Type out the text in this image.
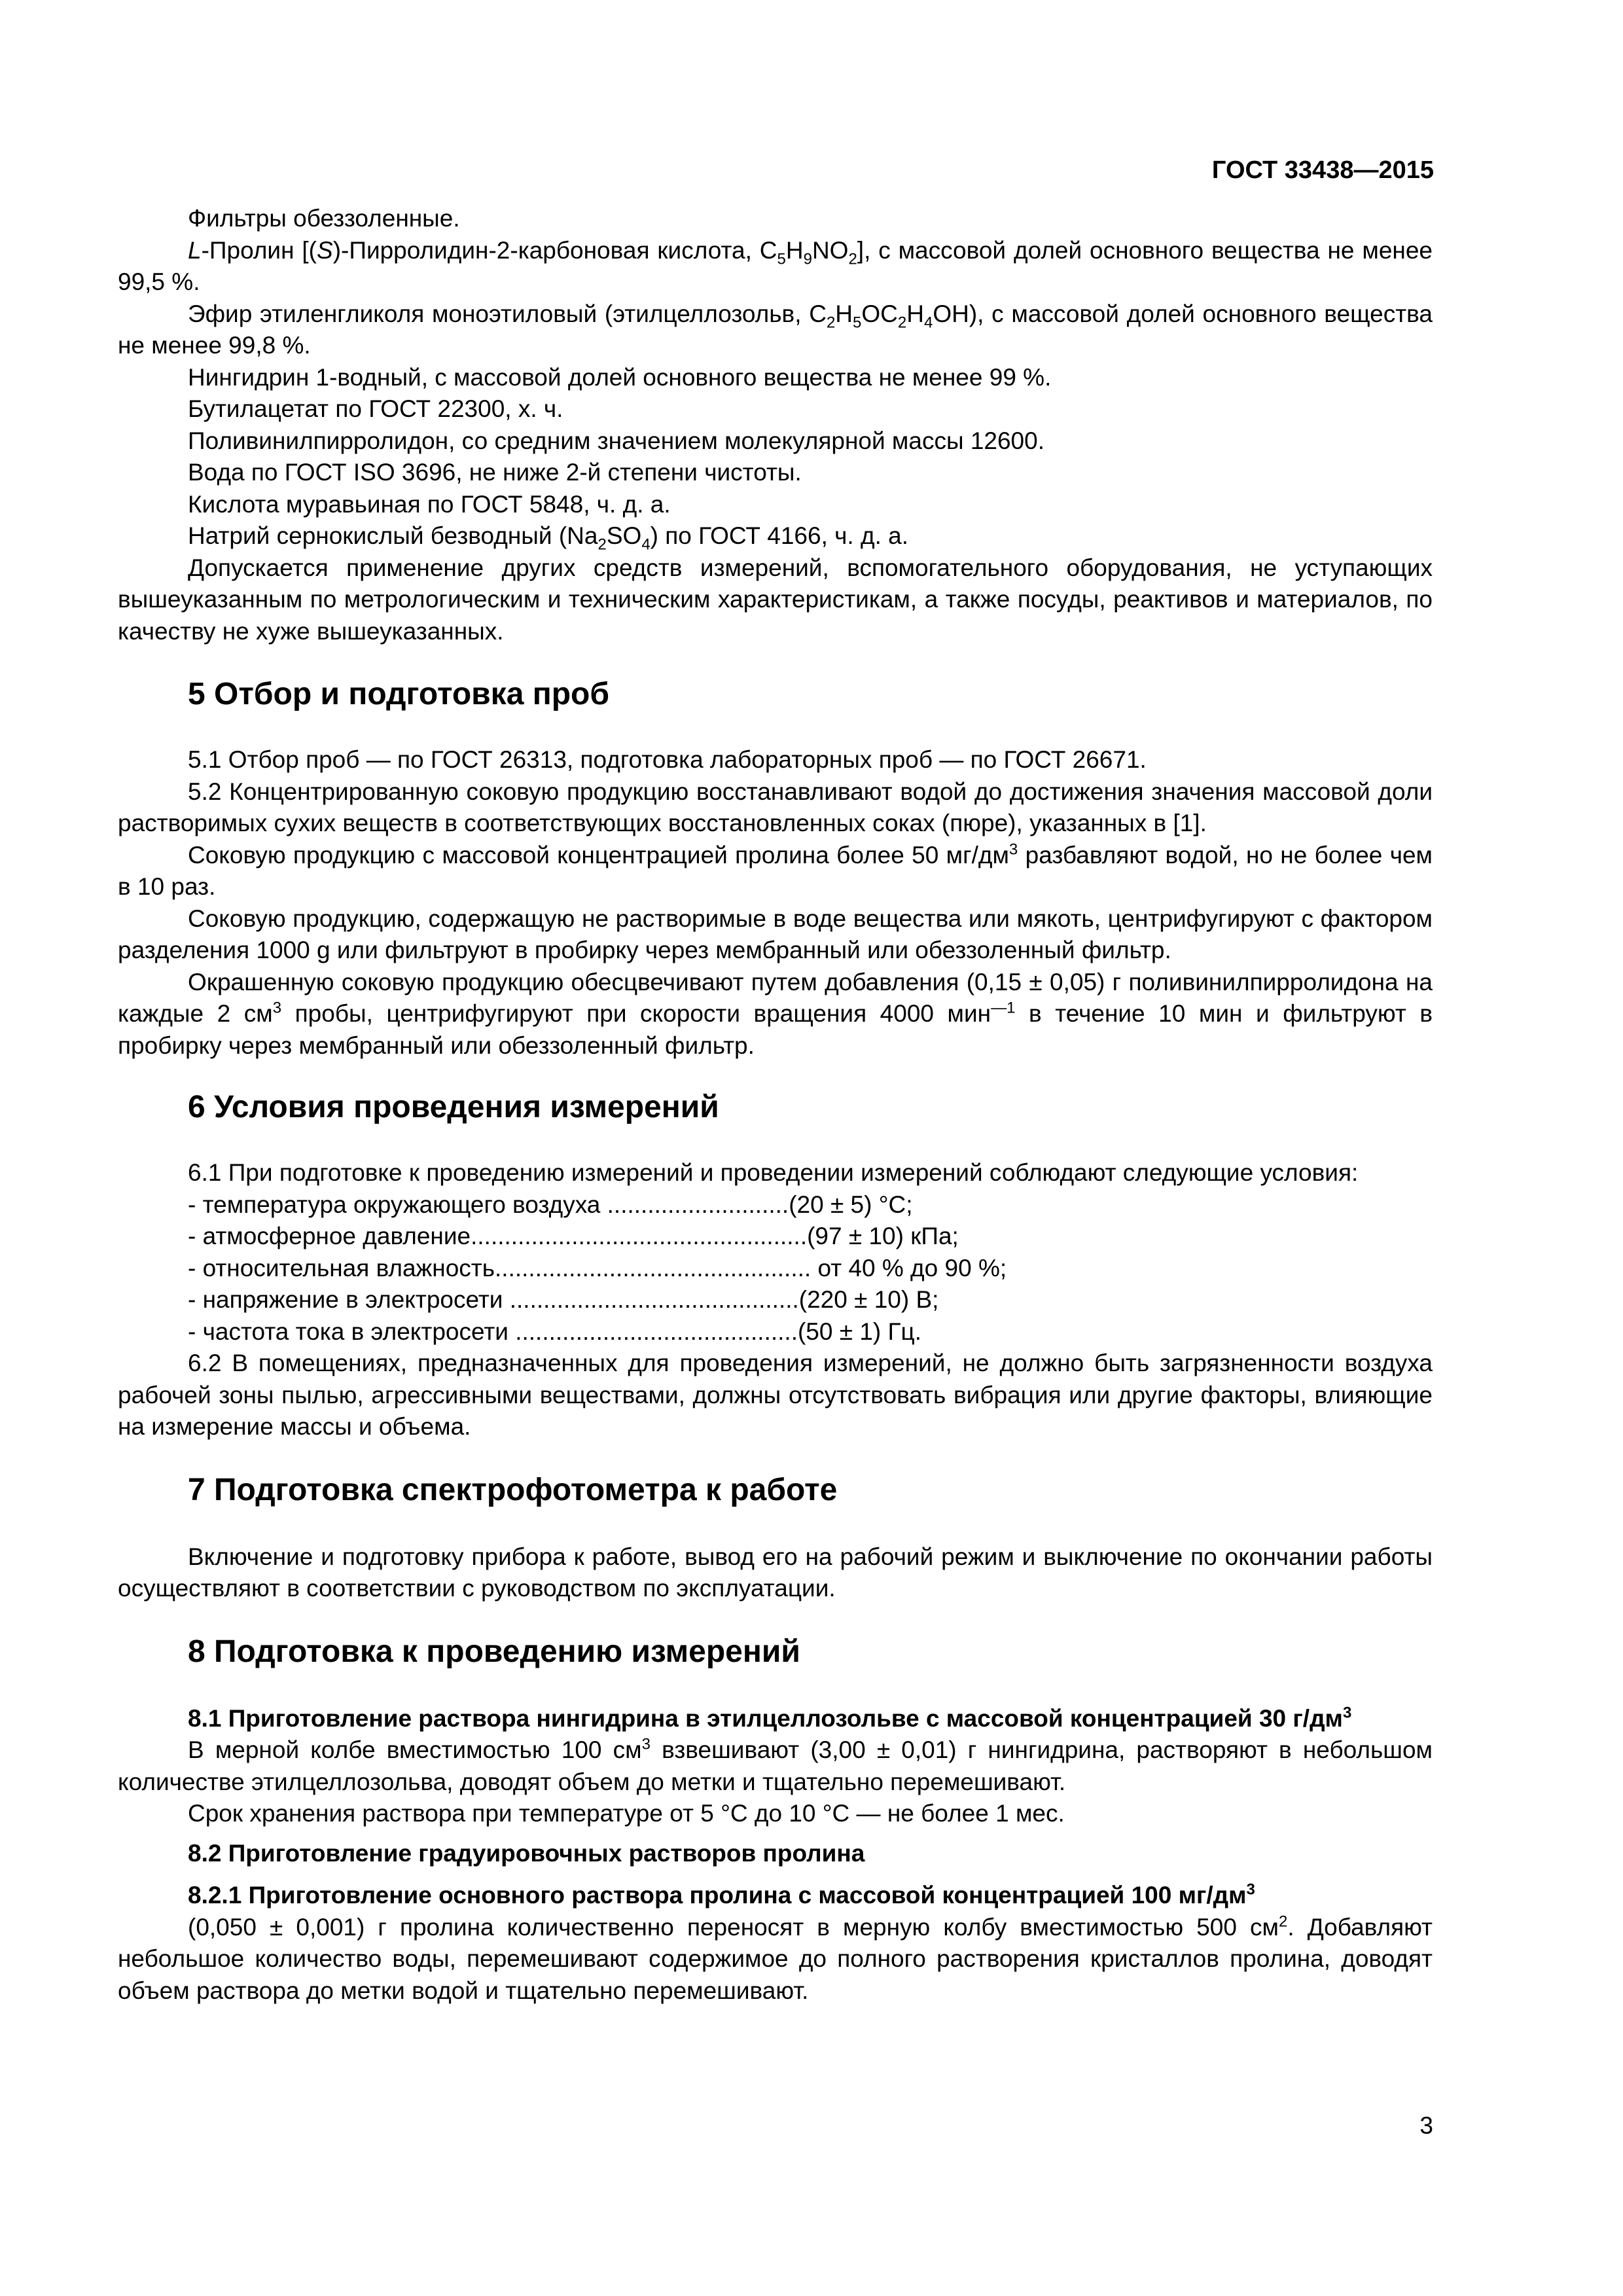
ГОСТ 33438—2015

Фильтры обеззоленные.

L-Пролин [(S)-Пирролидин-2-карбоновая кислота, $C_5H_9NO_2$], с массовой долей основного вещества не менее 99,5 %.

Эфир этиленгликоля моноэтиловый (этилцеллозольв, $C_2H_5OC_2H_4OH$), с массовой долей основного вещества не менее 99,8 %.

Нингидрин 1-водный, с массовой долей основного вещества не менее 99 %.

Бутилацетат по ГОСТ 22300, х. ч.

Поливинилпирролидон, со средним значением молекулярной массы 12600.

Вода по ГОСТ ISO 3696, не ниже 2-й степени чистоты.

Кислота муравьиная по ГОСТ 5848, ч. д. а.

Натрий сернокислый безводный $(Na_2SO_4)$ по ГОСТ 4166, ч. д. а.

Допускается применение других средств измерений, вспомогательного оборудования, не уступающих вышеуказанным по метрологическим и техническим характеристикам, а также посуды, реактивов и материалов, по качеству не хуже вышеуказанных.

5 Отбор и подготовка проб

5.1 Отбор проб — по ГОСТ 26313, подготовка лабораторных проб — по ГОСТ 26671.

5.2 Концентрированную соковую продукцию восстанавливают водой до достижения значения массовой доли растворимых сухих веществ в соответствующих восстановленных соках (пюре), указанных в [1].

Соковую продукцию с массовой концентрацией пролина более 50 $мг/дм^3$ разбавляют водой, но не более чем в 10 раз.

Соковую продукцию, содержащую не растворимые в воде вещества или мякоть, центрифугируют с фактором разделения 1000 g или фильтруют в пробирку через мембранный или обеззоленный фильтр.

Окрашенную соковую продукцию обесцвечивают путем добавления (0,15 ± 0,05) г поливинилпирролидона на каждые 2 $см^3$ пробы, центрифугируют при скорости вращения 4000 мин$^{—1}$ в течение 10 мин и фильтруют в пробирку через мембранный или обеззоленный фильтр.

6 Условия проведения измерений

6.1 При подготовке к проведению измерений и проведении измерений соблюдают следующие условия:

- температура окружающего воздуха ...........................(20 ± 5) °С;

- атмосферное давление..................................................(97 ± 10) кПа;

- относительная влажность............................................... от 40 % до 90 %;

- напряжение в электросети ...........................................(220 ± 10) В;

- частота тока в электросети ..........................................(50 ± 1) Гц.

6.2 В помещениях, предназначенных для проведения измерений, не должно быть загрязненности воздуха рабочей зоны пылью, агрессивными веществами, должны отсутствовать вибрация или другие факторы, влияющие на измерение массы и объема.

7 Подготовка спектрофотометра к работе

Включение и подготовку прибора к работе, вывод его на рабочий режим и выключение по окончании работы осуществляют в соответствии с руководством по эксплуатации.

8 Подготовка к проведению измерений

8.1 Приготовление раствора нингидрина в этилцеллозольве с массовой концентрацией 30 $г/дм^3$

В мерной колбе вместимостью 100 $см^3$ взвешивают (3,00 ± 0,01) г нингидрина, растворяют в небольшом количестве этилцеллозольва, доводят объем до метки и тщательно перемешивают.

Срок хранения раствора при температуре от 5 °С до 10 °С — не более 1 мес.

8.2 Приготовление градуировочных растворов пролина

8.2.1 Приготовление основного раствора пролина с массовой концентрацией 100 $мг/дм^3$

(0,050 ± 0,001) г пролина количественно переносят в мерную колбу вместимостью 500 $см^2$. Добавляют небольшое количество воды, перемешивают содержимое до полного растворения кристаллов пролина, доводят объем раствора до метки водой и тщательно перемешивают.

3
